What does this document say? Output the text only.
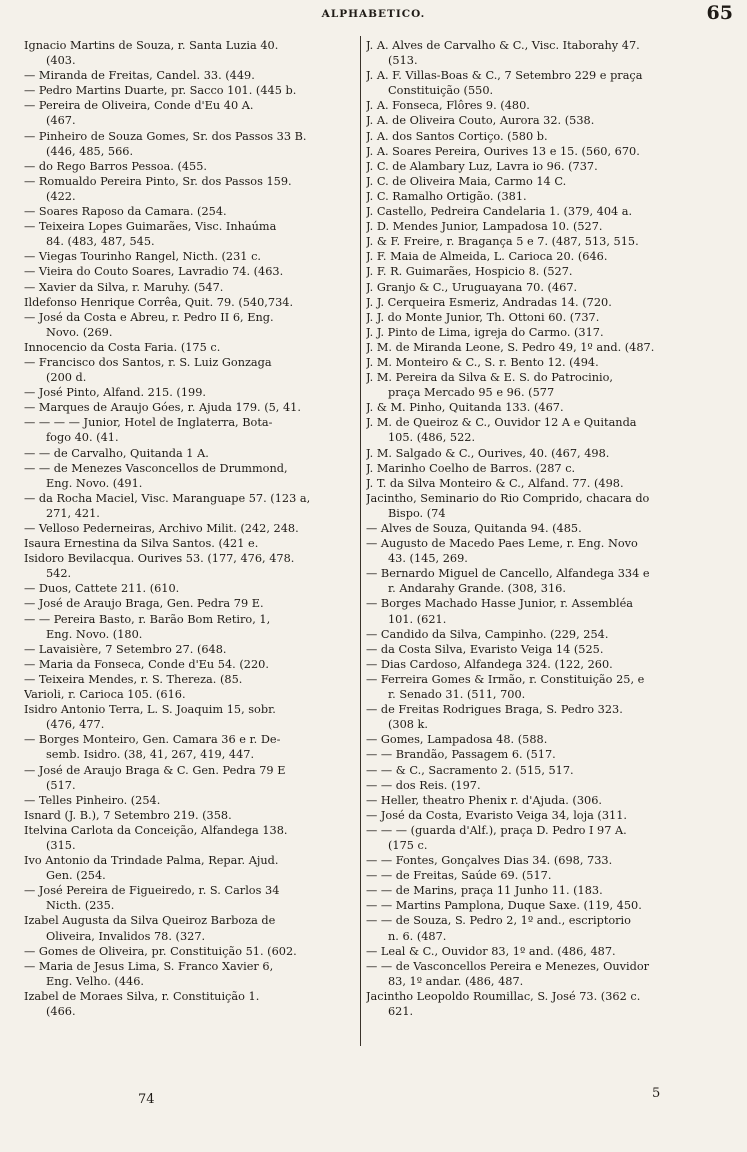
ALPHABETICO.	65
Ignacio Martins de Souza, r. Santa Luzia 40.
(403.
— Miranda de Freitas, Candel. 33. (449.
— Pedro Martins Duarte, pr. Sacco 101. (445 b.
— Pereira de Oliveira, Conde d'Eu 40 A.
(467.
— Pinheiro de Souza Gomes, Sr. dos Passos 33 B.
(446, 485, 566.
— do Rego Barros Pessoa. (455.
— Romualdo Pereira Pinto, Sr. dos Passos 159.
(422.
— Soares Raposo da Camara. (254.
— Teixeira Lopes Guimarães, Visc. Inhaúma
84. (483, 487, 545.
— Viegas Tourinho Rangel, Nicth. (231 c.
— Vieira do Couto Soares, Lavradio 74. (463.
— Xavier da Silva, r. Maruhy. (547.
Ildefonso Henrique Corrêa, Quit. 79. (540,734.
— José da Costa e Abreu, r. Pedro II 6, Eng.
Novo. (269.
Innocencio da Costa Faria. (175 c.
— Francisco dos Santos, r. S. Luiz Gonzaga
(200 d.
— José Pinto, Alfand. 215. (199.
— Marques de Araujo Góes, r. Ajuda 179. (5, 41.
— — — — Junior, Hotel de Inglaterra, Bota-
fogo 40. (41.
— — de Carvalho, Quitanda 1 A.
— — de Menezes Vasconcellos de Drummond,
Eng. Novo. (491.
— da Rocha Maciel, Visc. Maranguape 57. (123 a,
271, 421.
— Velloso Pederneiras, Archivo Milit. (242, 248.
Isaura Ernestina da Silva Santos. (421 e.
Isidoro Bevilacqua. Ourives 53. (177, 476, 478.
542.
— Duos, Cattete 211. (610.
— José de Araujo Braga, Gen. Pedra 79 E.
— — Pereira Basto, r. Barão Bom Retiro, 1,
Eng. Novo. (180.
— Lavaisière, 7 Setembro 27. (648.
— Maria da Fonseca, Conde d'Eu 54. (220.
— Teixeira Mendes, r. S. Thereza. (85.
Varioli, r. Carioca 105. (616.
Isidro Antonio Terra, L. S. Joaquim 15, sobr.
(476, 477.
— Borges Monteiro, Gen. Camara 36 e r. De-
semb. Isidro. (38, 41, 267, 419, 447.
— José de Araujo Braga & C. Gen. Pedra 79 E
(517.
— Telles Pinheiro. (254.
Isnard (J. B.), 7 Setembro 219. (358.
Itelvina Carlota da Conceição, Alfandega 138.
(315.
Ivo Antonio da Trindade Palma, Repar. Ajud.
Gen. (254.
— José Pereira de Figueiredo, r. S. Carlos 34
Nicth. (235.
Izabel Augusta da Silva Queiroz Barboza de
Oliveira, Invalidos 78. (327.
— Gomes de Oliveira, pr. Constituição 51. (602.
— Maria de Jesus Lima, S. Franco Xavier 6,
Eng. Velho. (446.
Izabel de Moraes Silva, r. Constituição 1.
(466.
J. A. Alves de Carvalho & C., Visc. Itaborahy 47.
(513.
J. A. F. Villas-Boas & C., 7 Setembro 229 e praça
Constituição (550.
J. A. Fonseca, Flôres 9. (480.
J. A. de Oliveira Couto, Aurora 32. (538.
J. A. dos Santos Cortiço. (580 b.
J. A. Soares Pereira, Ourives 13 e 15. (560, 670.
J. C. de Alambary Luz, Lavra io 96. (737.
J. C. de Oliveira Maia, Carmo 14 C.
J. C. Ramalho Ortigão. (381.
J. Castello, Pedreira Candelaria 1. (379, 404 a.
J. D. Mendes Junior, Lampadosa 10. (527.
J. & F. Freire, r. Bragança 5 e 7. (487, 513, 515.
J. F. Maia de Almeida, L. Carioca 20. (646.
J. F. R. Guimarães, Hospicio 8. (527.
J. Granjo & C., Uruguayana 70. (467.
J. J. Cerqueira Esmeriz, Andradas 14. (720.
J. J. do Monte Junior, Th. Ottoni 60. (737.
J. J. Pinto de Lima, igreja do Carmo. (317.
J. M. de Miranda Leone, S. Pedro 49, 1º and. (487.
J. M. Monteiro & C., S. r. Bento 12. (494.
J. M. Pereira da Silva & E. S. do Patrocinio,
praça Mercado 95 e 96. (577
J. & M. Pinho, Quitanda 133. (467.
J. M. de Queiroz & C., Ouvidor 12 A e Quitanda
105. (486, 522.
J. M. Salgado & C., Ourives, 40. (467, 498.
J. Marinho Coelho de Barros. (287 c.
J. T. da Silva Monteiro & C., Alfand. 77. (498.
Jacintho, Seminario do Rio Comprido, chacara do
Bispo. (74
— Alves de Souza, Quitanda 94. (485.
— Augusto de Macedo Paes Leme, r. Eng. Novo
43. (145, 269.
— Bernardo Miguel de Cancello, Alfandega 334 e
r. Andarahy Grande. (308, 316.
— Borges Machado Hasse Junior, r. Assembléa
101. (621.
— Candido da Silva, Campinho. (229, 254.
— da Costa Silva, Evaristo Veiga 14 (525.
— Dias Cardoso, Alfandega 324. (122, 260.
— Ferreira Gomes & Irmão, r. Constituição 25, e
r. Senado 31. (511, 700.
— de Freitas Rodrigues Braga, S. Pedro 323.
(308 k.
— Gomes, Lampadosa 48. (588.
— — Brandão, Passagem 6. (517.
— — & C., Sacramento 2. (515, 517.
— — dos Reis. (197.
— Heller, theatro Phenix r. d'Ajuda. (306.
— José da Costa, Evaristo Veiga 34, loja (311.
— — — (guarda d'Alf.), praça D. Pedro I 97 A.
(175 c.
— — Fontes, Gonçalves Dias 34. (698, 733.
— — de Freitas, Saúde 69. (517.
— — de Marins, praça 11 Junho 11. (183.
— — Martins Pamplona, Duque Saxe. (119, 450.
— — de Souza, S. Pedro 2, 1º and., escriptorio
n. 6. (487.
— Leal & C., Ouvidor 83, 1º and. (486, 487.
— — de Vasconcellos Pereira e Menezes, Ouvidor
83, 1º andar. (486, 487.
Jacintho Leopoldo Roumillac, S. José 73. (362 c.
621.
74	5
